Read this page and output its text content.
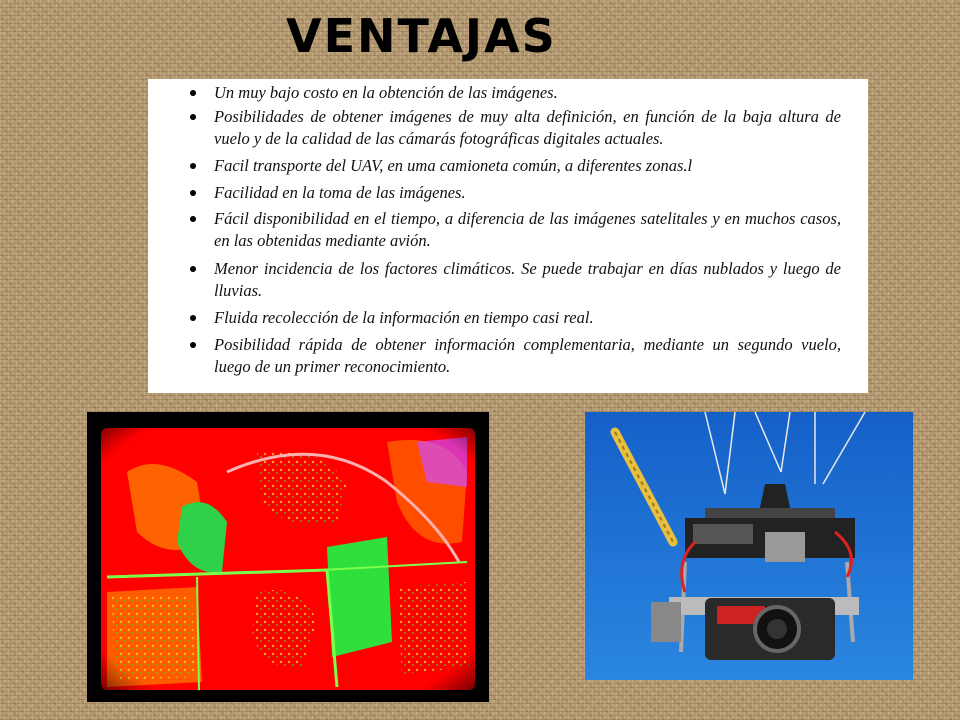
VENTAJAS
Un muy bajo costo en la obtención de las imágenes.
Posibilidades de obtener imágenes de muy alta definición, en función de la baja altura de vuelo y de la calidad de las cámarás fotográficas digitales actuales.
Facil transporte del UAV, en uma camioneta común, a diferentes zonas.l
Facilidad en la toma de las imágenes.
Fácil disponibilidad en el tiempo, a diferencia de las imágenes satelitales y en muchos casos, en las obtenidas mediante avión.
Menor incidencia de los factores climáticos. Se puede trabajar en días nublados y luego de lluvias.
Fluida recolección de la información en tiempo casi real.
Posibilidad rápida de obtener información complementaria, mediante un segundo vuelo, luego de un primer reconocimiento.
